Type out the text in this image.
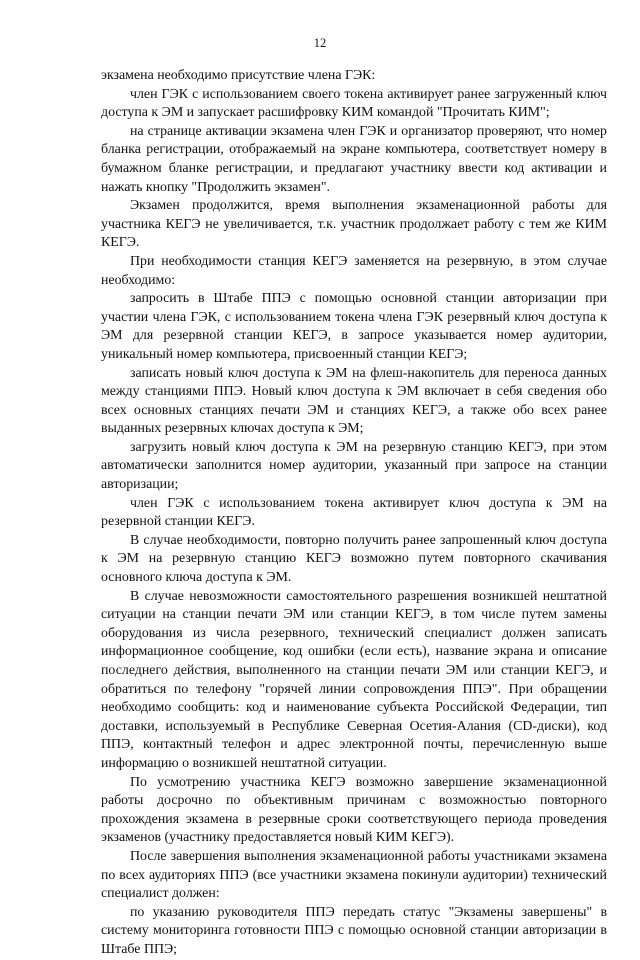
12

экзамена необходимо присутствие члена ГЭК:

член ГЭК с использованием своего токена активирует ранее загруженный ключ доступа к ЭМ и запускает расшифровку КИМ командой "Прочитать КИМ";

на странице активации экзамена член ГЭК и организатор проверяют, что номер бланка регистрации, отображаемый на экране компьютера, соответствует номеру в бумажном бланке регистрации, и предлагают участнику ввести код активации и нажать кнопку "Продолжить экзамен".

Экзамен продолжится, время выполнения экзаменационной работы для участника КЕГЭ не увеличивается, т.к. участник продолжает работу с тем же КИМ КЕГЭ.

При необходимости станция КЕГЭ заменяется на резервную, в этом случае необходимо:

запросить в Штабе ППЭ с помощью основной станции авторизации при участии члена ГЭК, с использованием токена члена ГЭК резервный ключ доступа к ЭМ для резервной станции КЕГЭ, в запросе указывается номер аудитории, уникальный номер компьютера, присвоенный станции КЕГЭ;

записать новый ключ доступа к ЭМ на флеш-накопитель для переноса данных между станциями ППЭ. Новый ключ доступа к ЭМ включает в себя сведения обо всех основных станциях печати ЭМ и станциях КЕГЭ, а также обо всех ранее выданных резервных ключах доступа к ЭМ;

загрузить новый ключ доступа к ЭМ на резервную станцию КЕГЭ, при этом автоматически заполнится номер аудитории, указанный при запросе на станции авторизации;

член ГЭК с использованием токена активирует ключ доступа к ЭМ на резервной станции КЕГЭ.

В случае необходимости, повторно получить ранее запрошенный ключ доступа к ЭМ на резервную станцию КЕГЭ возможно путем повторного скачивания основного ключа доступа к ЭМ.

В случае невозможности самостоятельного разрешения возникшей нештатной ситуации на станции печати ЭМ или станции КЕГЭ, в том числе путем замены оборудования из числа резервного, технический специалист должен записать информационное сообщение, код ошибки (если есть), название экрана и описание последнего действия, выполненного на станции печати ЭМ или станции КЕГЭ, и обратиться по телефону "горячей линии сопровождения ППЭ". При обращении необходимо сообщить: код и наименование субъекта Российской Федерации, тип доставки, используемый в Республике Северная Осетия-Алания (CD-диски), код ППЭ, контактный телефон и адрес электронной почты, перечисленную выше информацию о возникшей нештатной ситуации.

По усмотрению участника КЕГЭ возможно завершение экзаменационной работы досрочно по объективным причинам с возможностью повторного прохождения экзамена в резервные сроки соответствующего периода проведения экзаменов (участнику предоставляется новый КИМ КЕГЭ).

После завершения выполнения экзаменационной работы участниками экзамена по всех аудиториях ППЭ (все участники экзамена покинули аудитории) технический специалист должен:

по указанию руководителя ППЭ передать статус "Экзамены завершены" в систему мониторинга готовности ППЭ с помощью основной станции авторизации в Штабе ППЭ;
